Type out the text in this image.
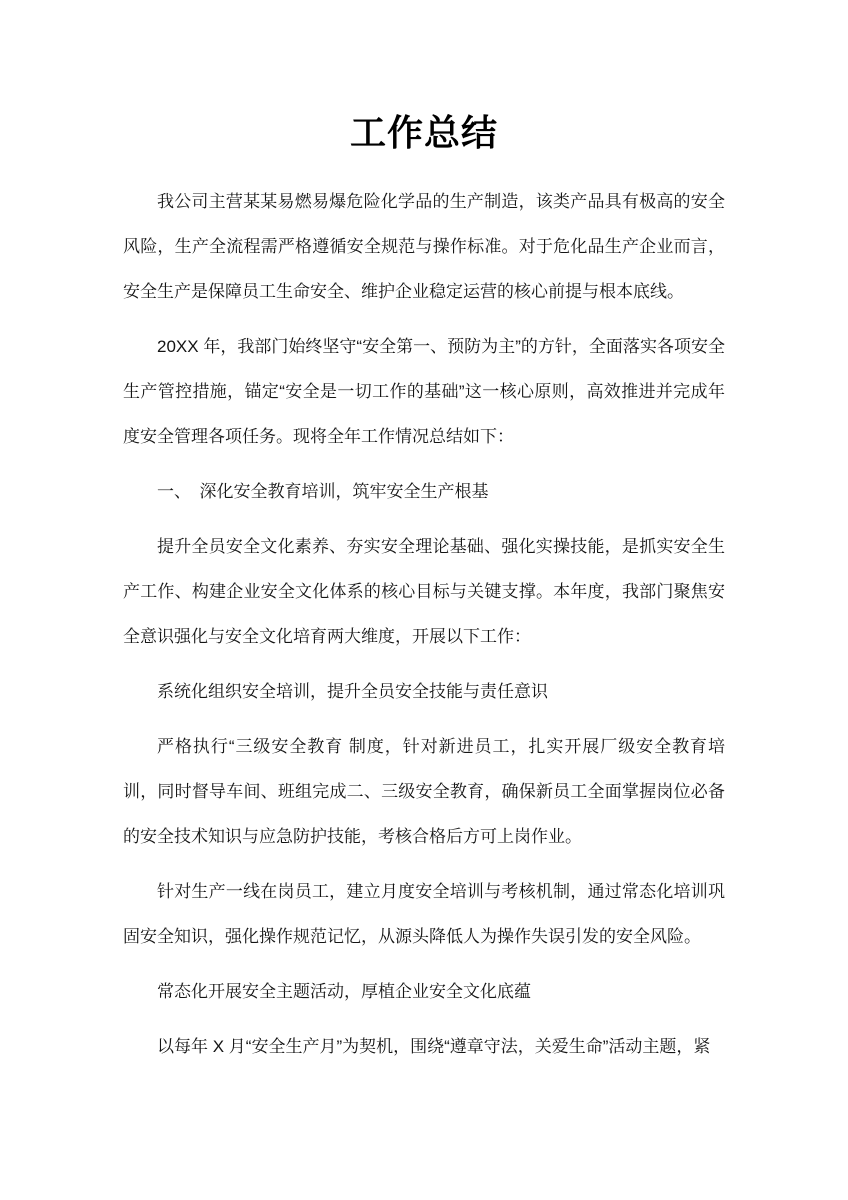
工作总结

我公司主营某某易燃易爆危险化学品的生产制造，该类产品具有极高的安全风险，生产全流程需严格遵循安全规范与操作标准。对于危化品生产企业而言，安全生产是保障员工生命安全、维护企业稳定运营的核心前提与根本底线。

20XX 年，我部门始终坚守“安全第一、预防为主”的方针，全面落实各项安全生产管控措施，锚定“安全是一切工作的基础”这一核心原则，高效推进并完成年度安全管理各项任务。现将全年工作情况总结如下：

一、　深化安全教育培训，筑牢安全生产根基

提升全员安全文化素养、夯实安全理论基础、强化实操技能，是抓实安全生产工作、构建企业安全文化体系的核心目标与关键支撑。本年度，我部门聚焦安全意识强化与安全文化培育两大维度，开展以下工作：

系统化组织安全培训，提升全员安全技能与责任意识

严格执行“三级安全教育 制度，针对新进员工，扎实开展厂级安全教育培训，同时督导车间、班组完成二、三级安全教育，确保新员工全面掌握岗位必备的安全技术知识与应急防护技能，考核合格后方可上岗作业。

针对生产一线在岗员工，建立月度安全培训与考核机制，通过常态化培训巩固安全知识，强化操作规范记忆，从源头降低人为操作失误引发的安全风险。

常态化开展安全主题活动，厚植企业安全文化底蕴

以每年 X 月“安全生产月”为契机，围绕“遵章守法，关爱生命”活动主题，紧
